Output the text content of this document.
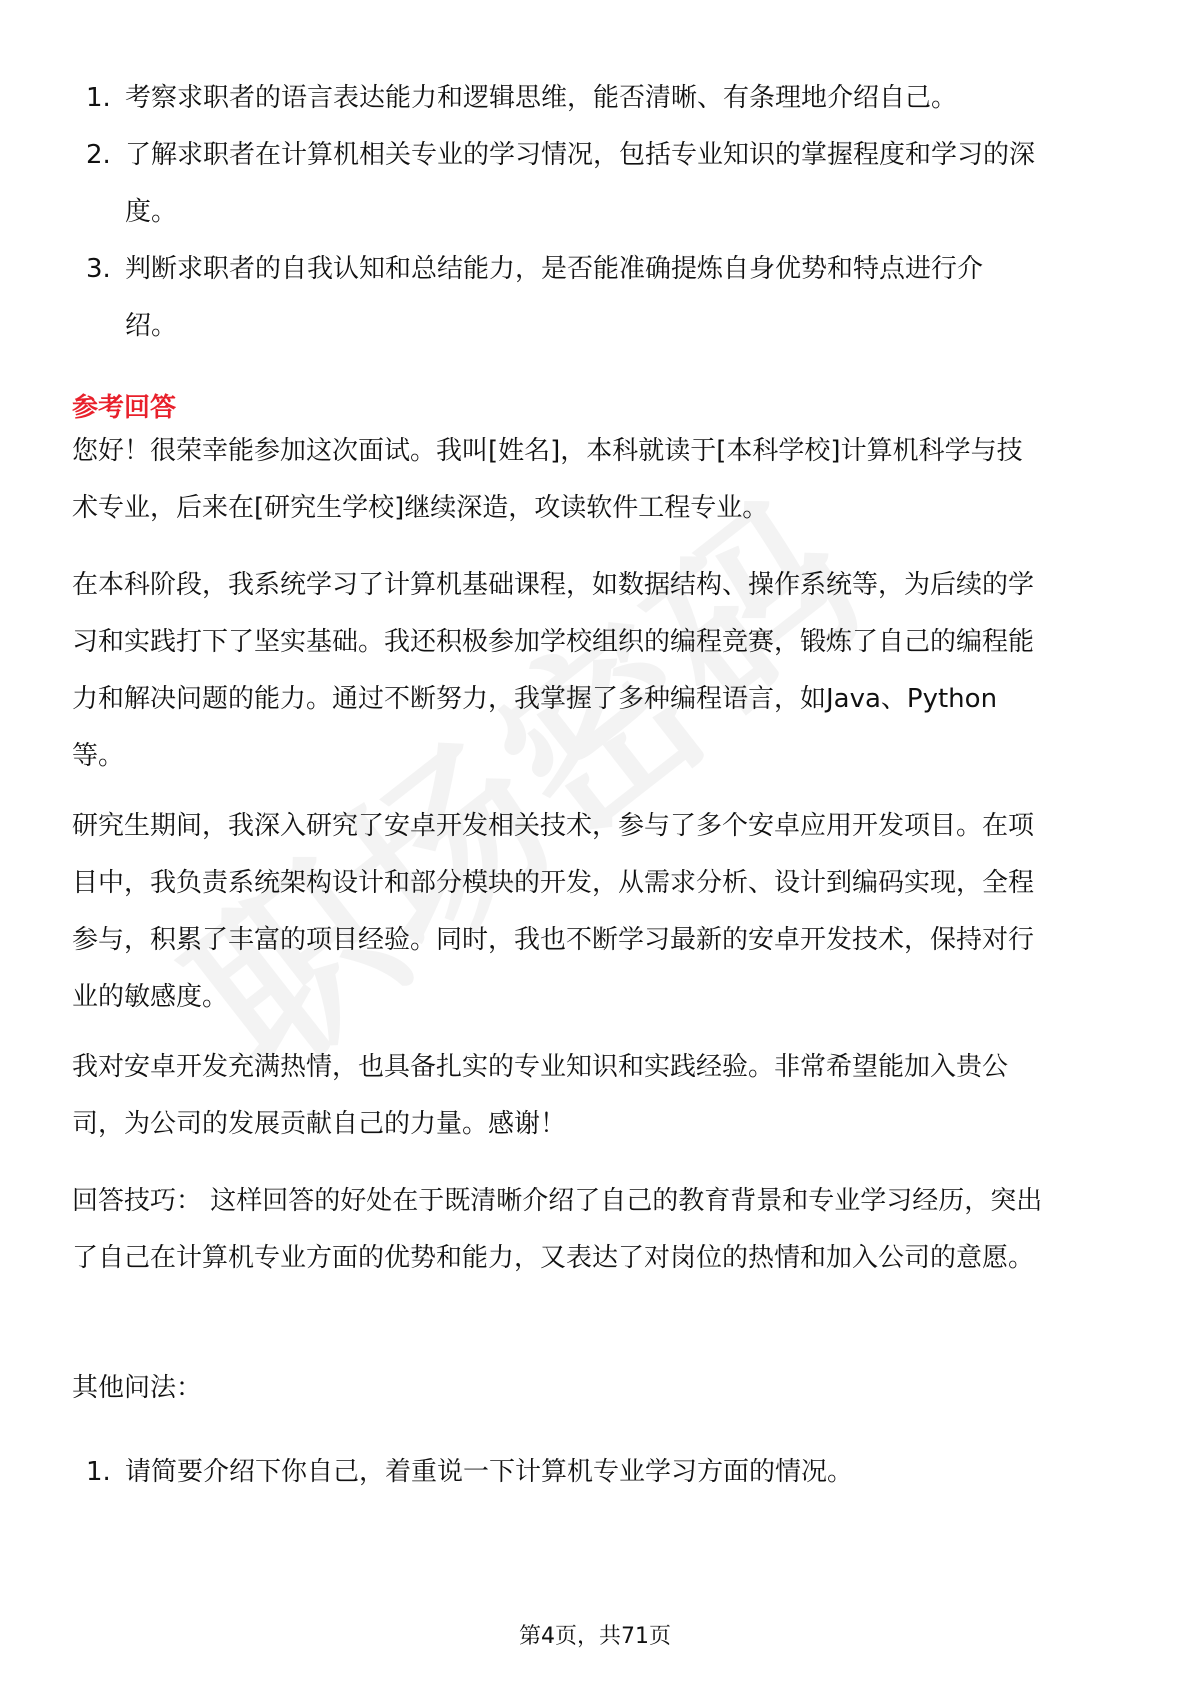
1. 考察求职者的语言表达能力和逻辑思维，能否清晰、有条理地介绍自己。
2. 了解求职者在计算机相关专业的学习情况，包括专业知识的掌握程度和学习的深度。
3. 判断求职者的自我认知和总结能力，是否能准确提炼自身优势和特点进行介绍。
参考回答
您好！很荣幸能参加这次面试。我叫[姓名]，本科就读于[本科学校]计算机科学与技术专业，后来在[研究生学校]继续深造，攻读软件工程专业。
在本科阶段，我系统学习了计算机基础课程，如数据结构、操作系统等，为后续的学习和实践打下了坚实基础。我还积极参加学校组织的编程竞赛，锻炼了自己的编程能力和解决问题的能力。通过不断努力，我掌握了多种编程语言，如Java、Python等。
研究生期间，我深入研究了安卓开发相关技术，参与了多个安卓应用开发项目。在项目中，我负责系统架构设计和部分模块的开发，从需求分析、设计到编码实现，全程参与，积累了丰富的项目经验。同时，我也不断学习最新的安卓开发技术，保持对行业的敏感度。
我对安卓开发充满热情，也具备扎实的专业知识和实践经验。非常希望能加入贵公司，为公司的发展贡献自己的力量。感谢！
回答技巧： 这样回答的好处在于既清晰介绍了自己的教育背景和专业学习经历，突出了自己在计算机专业方面的优势和能力，又表达了对岗位的热情和加入公司的意愿。
其他问法：
1. 请简要介绍下你自己，着重说一下计算机专业学习方面的情况。
第4页，共71页
